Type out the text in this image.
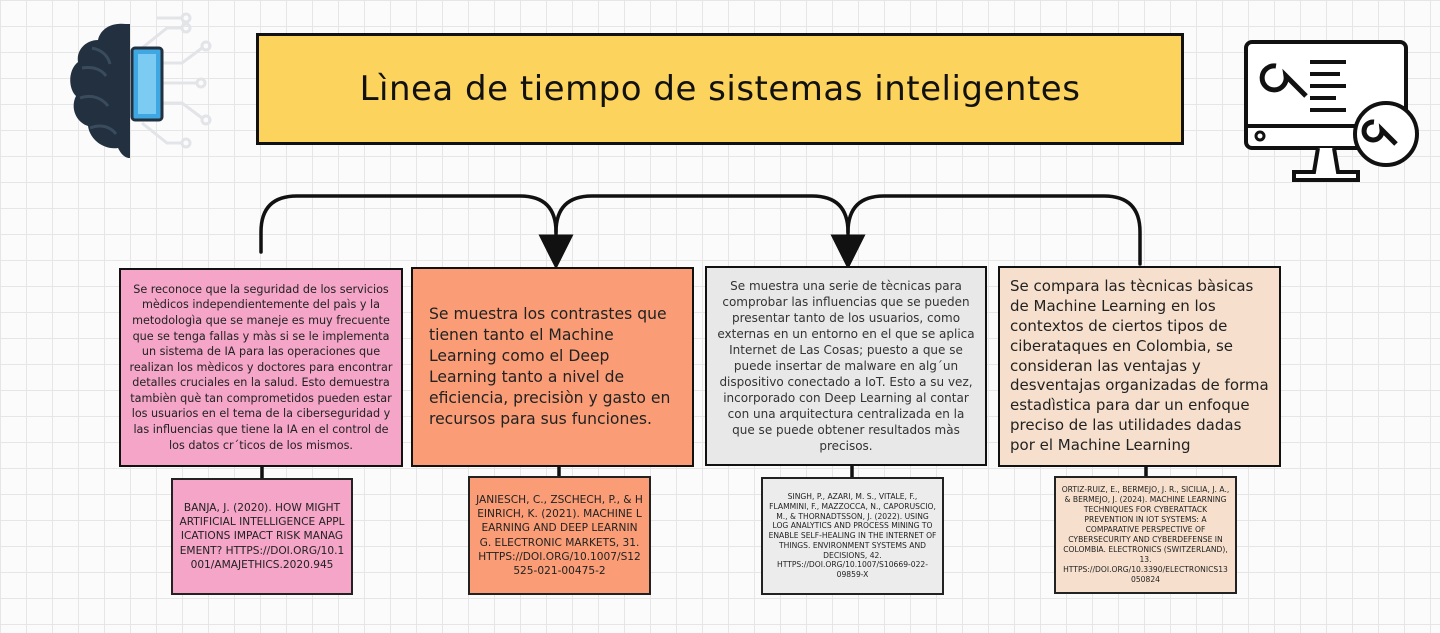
Lìnea de tiempo de sistemas inteligentes
Se reconoce que la seguridad de los servicios mèdicos independientemente del paìs y la metodologìa que se maneje es muy frecuente que se tenga fallas y màs si se le implementa un sistema de IA para las operaciones que realizan los mèdicos y doctores para encontrar detalles cruciales en la salud. Esto demuestra tambièn què tan comprometidos pueden estar los usuarios en el tema de la ciberseguridad y las influencias que tiene la IA en el control de los datos cr´ticos de los mismos.
Se muestra los contrastes que tienen tanto el Machine Learning como el Deep Learning tanto a nivel de eficiencia, precisiòn y gasto en recursos para sus funciones.
Se muestra una serie de tècnicas para comprobar las influencias que se pueden presentar tanto de los usuarios, como externas en un entorno en el que se aplica Internet de Las Cosas; puesto a que se puede insertar de malware en alg´un dispositivo conectado a IoT. Esto a su vez, incorporado con Deep Learning al contar con una arquitectura centralizada en la que se puede obtener resultados màs precisos.
Se compara las tècnicas bàsicas de Machine Learning en los contextos de ciertos tipos de ciberataques en Colombia, se consideran las ventajas y desventajas organizadas de forma estadìstica para dar un enfoque preciso de las utilidades dadas por el Machine Learning
BANJA, J. (2020). HOW MIGHT ARTIFICIAL INTELLIGENCE APPLICATIONS IMPACT RISK MANAGEMENT? HTTPS://DOI.ORG/10.1001/AMAJETHICS.2020.945
JANIESCH, C., ZSCHECH, P., & HEINRICH, K. (2021). MACHINE LEARNING AND DEEP LEARNING. ELECTRONIC MARKETS, 31. HTTPS://DOI.ORG/10.1007/S12525-021-00475-2
SINGH, P., AZARI, M. S., VITALE, F., FLAMMINI, F., MAZZOCCA, N., CAPORUSCIO, M., & THORNADTSSON, J. (2022). USING LOG ANALYTICS AND PROCESS MINING TO ENABLE SELF-HEALING IN THE INTERNET OF THINGS. ENVIRONMENT SYSTEMS AND DECISIONS, 42. HTTPS://DOI.ORG/10.1007/S10669-022-09859-X
ORTIZ-RUIZ, E., BERMEJO, J. R., SICILIA, J. A., & BERMEJO, J. (2024). MACHINE LEARNING TECHNIQUES FOR CYBERATTACK PREVENTION IN IOT SYSTEMS: A COMPARATIVE PERSPECTIVE OF CYBERSECURITY AND CYBERDEFENSE IN COLOMBIA. ELECTRONICS (SWITZERLAND), 13. HTTPS://DOI.ORG/10.3390/ELECTRONICS13050824
